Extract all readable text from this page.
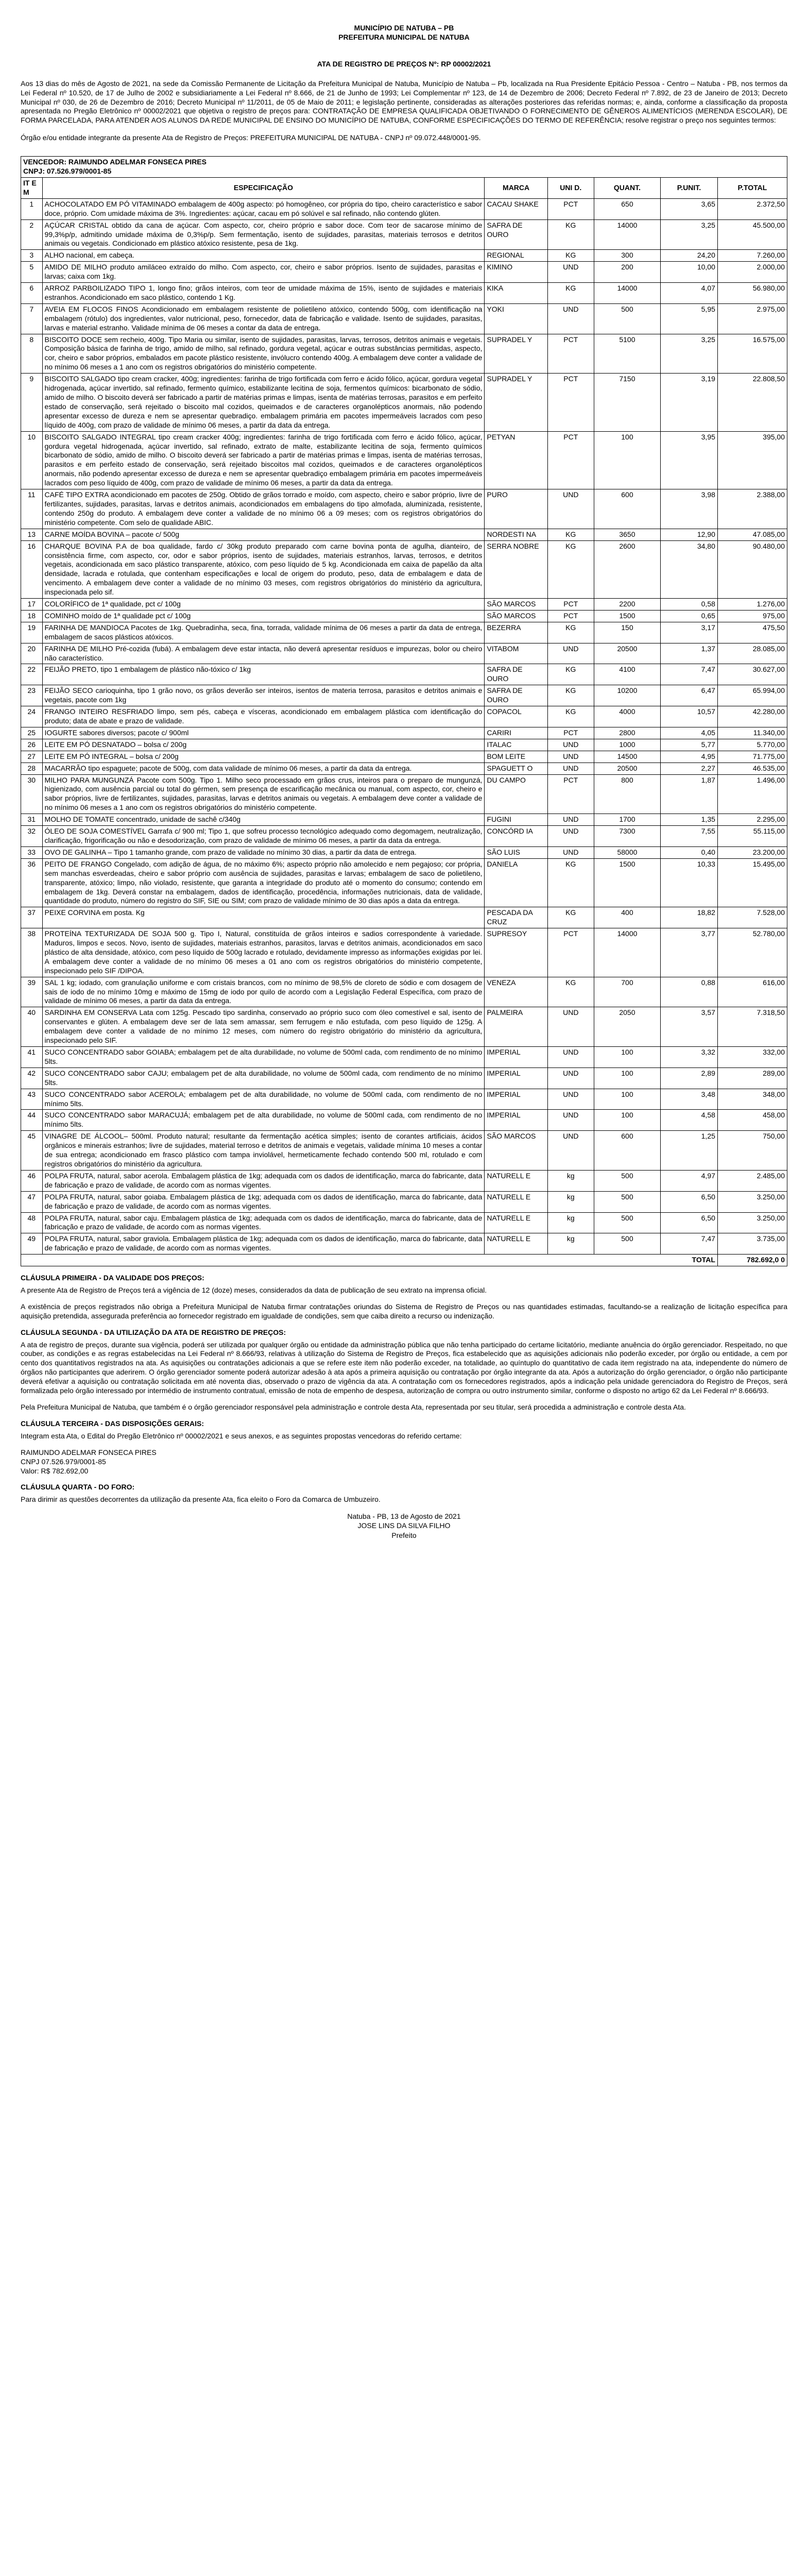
MUNICÍPIO DE NATUBA – PB
PREFEITURA MUNICIPAL DE NATUBA
ATA DE REGISTRO DE PREÇOS Nº: RP 00002/2021

Aos 13 dias do mês de Agosto de 2021, na sede da Comissão Permanente de Licitação da Prefeitura Municipal de Natuba, Município de Natuba – Pb, localizada na Rua Presidente Epitácio Pessoa - Centro – Natuba - PB, nos termos da Lei Federal nº 10.520, de 17 de Julho de 2002 e subsidiariamente a Lei Federal nº 8.666, de 21 de Junho de 1993; Lei Complementar nº 123, de 14 de Dezembro de 2006; Decreto Federal nº 7.892, de 23 de Janeiro de 2013; Decreto Municipal nº 030, de 26 de Dezembro de 2016; Decreto Municipal nº 11/2011, de 05 de Maio de 2011; e legislação pertinente, consideradas as alterações posteriores das referidas normas; e, ainda, conforme a classificação da proposta apresentada no Pregão Eletrônico nº 00002/2021 que objetiva o registro de preços para: CONTRATAÇÃO DE EMPRESA QUALIFICADA OBJETIVANDO O FORNECIMENTO DE GÊNEROS ALIMENTÍCIOS (MERENDA ESCOLAR), DE FORMA PARCELADA, PARA ATENDER AOS ALUNOS DA REDE MUNICIPAL DE ENSINO DO MUNICÍPIO DE NATUBA, CONFORME ESPECIFICAÇÕES DO TERMO DE REFERÊNCIA; resolve registrar o preço nos seguintes termos:

Órgão e/ou entidade integrante da presente Ata de Registro de Preços: PREFEITURA MUNICIPAL DE NATUBA - CNPJ nº 09.072.448/0001-95.

VENCEDOR: RAIMUNDO ADELMAR FONSECA PIRES
CNPJ: 07.526.979/0001-85						

IT E M	ESPECIFICAÇÃO	MARCA	UNI D.	QUANT.	P.UNIT.	P.TOTAL
1	ACHOCOLATADO EM PÓ VITAMINADO embalagem de 400g aspecto: pó homogêneo, cor própria do tipo, cheiro característico e sabor doce, próprio. Com umidade máxima de 3%. Ingredientes: açúcar, cacau em pó solúvel e sal refinado, não contendo glúten.	CACAU SHAKE	PCT	650	3,65	2.372,50
2	AÇÚCAR CRISTAL obtido da cana de açúcar. Com aspecto, cor, cheiro próprio e sabor doce. Com teor de sacarose mínimo de 99,3%p/p, admitindo umidade máxima de 0,3%p/p. Sem fermentação, isento de sujidades, parasitas, materiais terrosos e detritos animais ou vegetais. Condicionado em plástico atóxico resistente, pesa de 1kg.	SAFRA DE OURO	KG	14000	3,25	45.500,00
3	ALHO nacional, em cabeça.	REGIONAL	KG	300	24,20	7.260,00
5	AMIDO DE MILHO produto amiláceo extraído do milho. Com aspecto, cor, cheiro e sabor próprios. Isento de sujidades, parasitas e larvas; caixa com 1kg.	KIMINO	UND	200	10,00	2.000,00
6	ARROZ PARBOILIZADO TIPO 1, longo fino; grãos inteiros, com teor de umidade máxima de 15%, isento de sujidades e materiais estranhos. Acondicionado em saco plástico, contendo 1 Kg.	KIKA	KG	14000	4,07	56.980,00
7	AVEIA EM FLOCOS FINOS Acondicionado em embalagem resistente de polietileno atóxico, contendo 500g, com identificação na embalagem (rótulo) dos ingredientes, valor nutricional, peso, fornecedor, data de fabricação e validade. Isento de sujidades, parasitas, larvas e material estranho. Validade mínima de 06 meses a contar da data de entrega.	YOKI	UND	500	5,95	2.975,00
8	BISCOITO DOCE sem recheio, 400g. Tipo Maria ou similar, isento de sujidades, parasitas, larvas, terrosos, detritos animais e vegetais. Composição básica de farinha de trigo, amido de milho, sal refinado, gordura vegetal, açúcar e outras substâncias permitidas, aspecto, cor, cheiro e sabor próprios, embalados em pacote plástico resistente, invólucro contendo 400g. A embalagem deve conter a validade de no mínimo 06 meses a 1 ano com os registros obrigatórios do ministério competente.	SUPRADEL Y	PCT	5100	3,25	16.575,00
9	BISCOITO SALGADO tipo cream cracker, 400g; ingredientes: farinha de trigo fortificada com ferro e ácido fólico, açúcar, gordura vegetal hidrogenada, açúcar invertido, sal refinado, fermento químico, estabilizante lecitina de soja, fermentos químicos: bicarbonato de sódio, amido de milho. O biscoito deverá ser fabricado a partir de matérias primas e limpas, isenta de matérias terrosas, parasitos e em perfeito estado de conservação, será rejeitado o biscoito mal cozidos, queimados e de caracteres organolépticos anormais, não podendo apresentar excesso de dureza e nem se apresentar quebradiço. embalagem primária em pacotes impermeáveis lacrados com peso líquido de 400g, com prazo de validade de mínimo 06 meses, a partir da data da entrega.	SUPRADEL Y	PCT	7150	3,19	22.808,50
10	BISCOITO SALGADO INTEGRAL tipo cream cracker 400g; ingredientes: farinha de trigo fortificada com ferro e ácido fólico, açúcar, gordura vegetal hidrogenada, açúcar invertido, sal refinado, extrato de malte, estabilizante lecitina de soja, fermento químicos bicarbonato de sódio, amido de milho. O biscoito deverá ser fabricado a partir de matérias primas e limpas, isenta de matérias terrosas, parasitos e em perfeito estado de conservação, será rejeitado biscoitos mal cozidos, queimados e de caracteres organolépticos anormais, não podendo apresentar excesso de dureza e nem se apresentar quebradiço embalagem primária em pacotes impermeáveis lacrados com peso líquido de 400g, com prazo de validade de mínimo 06 meses, a partir da data da entrega.	PETYAN	PCT	100	3,95	395,00
11	CAFÉ TIPO EXTRA acondicionado em pacotes de 250g. Obtido de grãos torrado e moído, com aspecto, cheiro e sabor próprio, livre de fertilizantes, sujidades, parasitas, larvas e detritos animais, acondicionados em embalagens do tipo almofada, aluminizada, resistente, contendo 250g do produto. A embalagem deve conter a validade de no mínimo 06 a 09 meses; com os registros obrigatórios do ministério competente. Com selo de qualidade ABIC.	PURO	UND	600	3,98	2.388,00
13	CARNE MOÍDA BOVINA – pacote c/ 500g	NORDESTI NA	KG	3650	12,90	47.085,00
16	CHARQUE BOVINA P.A de boa qualidade, fardo c/ 30kg produto preparado com carne bovina ponta de agulha, dianteiro, de consistência firme, com aspecto, cor, odor e sabor próprios, isento de sujidades, materiais estranhos, larvas, terrosos, e detritos vegetais, acondicionada em saco plástico transparente, atóxico, com peso líquido de 5 kg. Acondicionada em caixa de papelão da alta densidade, lacrada e rotulada, que contenham especificações e local de origem do produto, peso, data de embalagem e data de vencimento. A embalagem deve conter a validade de no mínimo 03 meses, com registros obrigatórios do ministério da agricultura, inspecionada pelo sif.	SERRA NOBRE	KG	2600	34,80	90.480,00
17	COLORÍFICO de 1ª qualidade, pct c/ 100g	SÃO MARCOS	PCT	2200	0,58	1.276,00
18	COMINHO moído de 1ª qualidade pct c/ 100g	SÃO MARCOS	PCT	1500	0,65	975,00
19	FARINHA DE MANDIOCA Pacotes de 1kg. Quebradinha, seca, fina, torrada, validade mínima de 06 meses a partir da data de entrega, embalagem de sacos plásticos atóxicos.	BEZERRA	KG	150	3,17	475,50
20	FARINHA DE MILHO Pré-cozida (fubá). A embalagem deve estar intacta, não deverá apresentar resíduos e impurezas, bolor ou cheiro não característico.	VITABOM	UND	20500	1,37	28.085,00
22	FEIJÃO PRETO, tipo 1 embalagem de plástico não-tóxico c/ 1kg	SAFRA DE OURO	KG	4100	7,47	30.627,00
23	FEIJÃO SECO carioquinha, tipo 1 grão novo, os grãos deverão ser inteiros, isentos de materia terrosa, parasitos e detritos animais e vegetais, pacote com 1kg	SAFRA DE OURO	KG	10200	6,47	65.994,00
24	FRANGO INTEIRO RESFRIADO limpo, sem pés, cabeça e vísceras, acondicionado em embalagem plástica com identificação do produto; data de abate e prazo de validade.	COPACOL	KG	4000	10,57	42.280,00
25	IOGURTE sabores diversos; pacote c/ 900ml	CARIRI	PCT	2800	4,05	11.340,00
26	LEITE EM PÓ DESNATADO – bolsa c/ 200g	ITALAC	UND	1000	5,77	5.770,00
27	LEITE EM PÓ INTEGRAL – bolsa c/ 200g	BOM LEITE	UND	14500	4,95	71.775,00
28	MACARRÃO tipo espaguete; pacote de 500g, com data validade de mínimo 06 meses, a partir da data da entrega.	SPAGUETT O	UND	20500	2,27	46.535,00
30	MILHO PARA MUNGUNZÁ Pacote com 500g. Tipo 1. Milho seco processado em grãos crus, inteiros para o preparo de mungunzá, higienizado, com ausência parcial ou total do gérmen, sem presença de escarificação mecânica ou manual, com aspecto, cor, cheiro e sabor próprios, livre de fertilizantes, sujidades, parasitas, larvas e detritos animais ou vegetais. A embalagem deve conter a validade de no mínimo 06 meses a 1 ano com os registros obrigatórios do ministério competente.	DU CAMPO	PCT	800	1,87	1.496,00
31	MOLHO DE TOMATE concentrado, unidade de sachê c/340g	FUGINI	UND	1700	1,35	2.295,00
32	ÓLEO DE SOJA COMESTÍVEL Garrafa c/ 900 ml; Tipo 1, que sofreu processo tecnológico adequado como degomagem, neutralização, clarificação, frigorificação ou não e desodorização, com prazo de validade de mínimo 06 meses, a partir da data da entrega.	CONCÓRD IA	UND	7300	7,55	55.115,00
33	OVO DE GALINHA – Tipo 1 tamanho grande, com prazo de validade no mínimo 30 dias, a partir da data de entrega.	SÃO LUIS	UND	58000	0,40	23.200,00
36	PEITO DE FRANGO Congelado, com adição de água, de no máximo 6%; aspecto próprio não amolecido e nem pegajoso; cor própria, sem manchas esverdeadas, cheiro e sabor próprio com ausência de sujidades, parasitas e larvas; embalagem de saco de polietileno, transparente, atóxico; limpo, não violado, resistente, que garanta a integridade do produto até o momento do consumo; contendo em embalagem de 1kg. Deverá constar na embalagem, dados de identificação, procedência, informações nutricionais, data de validade, quantidade do produto, número do registro do SIF, SIE ou SIM; com prazo de validade mínimo de 30 dias após a data da entrega.	DANIELA	KG	1500	10,33	15.495,00
37	PEIXE CORVINA em posta. Kg	PESCADA DA CRUZ	KG	400	18,82	7.528,00
38	PROTEÍNA TEXTURIZADA DE SOJA 500 g. Tipo I, Natural, constituída de grãos inteiros e sadios correspondente à variedade. Maduros, limpos e secos. Novo, isento de sujidades, materiais estranhos, parasitos, larvas e detritos animais, acondicionados em saco plástico de alta densidade, atóxico, com peso líquido de 500g lacrado e rotulado, devidamente impresso as informações exigidas por lei. A embalagem deve conter a validade de no mínimo 06 meses a 01 ano com os registros obrigatórios do ministério competente, inspecionado pelo SIF /DIPOA.	SUPRESOY	PCT	14000	3,77	52.780,00
39	SAL 1 kg; iodado, com granulação uniforme e com cristais brancos, com no mínimo de 98,5% de cloreto de sódio e com dosagem de sais de iodo de no mínimo 10mg e máximo de 15mg de iodo por quilo de acordo com a Legislação Federal Específica, com prazo de validade de mínimo 06 meses, a partir da data da entrega.	VENEZA	KG	700	0,88	616,00
40	SARDINHA EM CONSERVA Lata com 125g. Pescado tipo sardinha, conservado ao próprio suco com óleo comestível e sal, isento de conservantes e glúten. A embalagem deve ser de lata sem amassar, sem ferrugem e não estufada, com peso líquido de 125g. A embalagem deve conter a validade de no mínimo 12 meses, com número do registro obrigatório do ministério da agricultura, inspecionado pelo SIF.	PALMEIRA	UND	2050	3,57	7.318,50
41	SUCO CONCENTRADO sabor GOIABA; embalagem pet de alta durabilidade, no volume de 500ml cada, com rendimento de no mínimo 5lts.	IMPERIAL	UND	100	3,32	332,00
42	SUCO CONCENTRADO sabor CAJU; embalagem pet de alta durabilidade, no volume de 500ml cada, com rendimento de no mínimo 5lts.	IMPERIAL	UND	100	2,89	289,00
43	SUCO CONCENTRADO sabor ACEROLA; embalagem pet de alta durabilidade, no volume de 500ml cada, com rendimento de no mínimo 5lts.	IMPERIAL	UND	100	3,48	348,00
44	SUCO CONCENTRADO sabor MARACUJÁ; embalagem pet de alta durabilidade, no volume de 500ml cada, com rendimento de no mínimo 5lts.	IMPERIAL	UND	100	4,58	458,00
45	VINAGRE DE ÁLCOOL– 500ml. Produto natural; resultante da fermentação acética simples; isento de corantes artificiais, ácidos orgânicos e minerais estranhos; livre de sujidades, material terroso e detritos de animais e vegetais, validade mínima 10 meses a contar de sua entrega; acondicionado em frasco plástico com tampa inviolável, hermeticamente fechado contendo 500 ml, rotulado e com registros obrigatórios do ministério da agricultura.	SÃO MARCOS	UND	600	1,25	750,00
46	POLPA FRUTA, natural, sabor acerola. Embalagem plástica de 1kg; adequada com os dados de identificação, marca do fabricante, data de fabricação e prazo de validade, de acordo com as normas vigentes.	NATURELL E	kg	500	4,97	2.485,00
47	POLPA FRUTA, natural, sabor goiaba. Embalagem plástica de 1kg; adequada com os dados de identificação, marca do fabricante, data de fabricação e prazo de validade, de acordo com as normas vigentes.	NATURELL E	kg	500	6,50	3.250,00
48	POLPA FRUTA, natural, sabor caju. Embalagem plástica de 1kg; adequada com os dados de identificação, marca do fabricante, data de fabricação e prazo de validade, de acordo com as normas vigentes.	NATURELL E	kg	500	6,50	3.250,00
49	POLPA FRUTA, natural, sabor graviola. Embalagem plástica de 1kg; adequada com os dados de identificação, marca do fabricante, data de fabricação e prazo de validade, de acordo com as normas vigentes.	NATURELL E	kg	500	7,47	3.735,00
					TOTAL	782.692,0 0
CLÁUSULA PRIMEIRA - DA VALIDADE DOS PREÇOS:

A presente Ata de Registro de Preços terá a vigência de 12 (doze) meses, considerados da data de publicação de seu extrato na imprensa oficial.

A existência de preços registrados não obriga a Prefeitura Municipal de Natuba firmar contratações oriundas do Sistema de Registro de Preços ou nas quantidades estimadas, facultando-se a realização de licitação específica para aquisição pretendida, assegurada preferência ao fornecedor registrado em igualdade de condições, sem que caiba direito a recurso ou indenização.

CLÁUSULA SEGUNDA - DA UTILIZAÇÃO DA ATA DE REGISTRO DE PREÇOS:

A ata de registro de preços, durante sua vigência, poderá ser utilizada por qualquer órgão ou entidade da administração pública que não tenha participado do certame licitatório, mediante anuência do órgão gerenciador. Respeitado, no que couber, as condições e as regras estabelecidas na Lei Federal nº 8.666/93, relativas à utilização do Sistema de Registro de Preços, fica estabelecido que as aquisições adicionais não poderão exceder, por órgão ou entidade, a cem por cento dos quantitativos registrados na ata. As aquisições ou contratações adicionais a que se refere este item não poderão exceder, na totalidade, ao quíntuplo do quantitativo de cada item registrado na ata, independente do número de órgãos não participantes que aderirem. O órgão gerenciador somente poderá autorizar adesão à ata após a primeira aquisição ou contratação por órgão integrante da ata. Após a autorização do órgão gerenciador, o órgão não participante deverá efetivar a aquisição ou contratação solicitada em até noventa dias, observado o prazo de vigência da ata. A contratação com os fornecedores registrados, após a indicação pela unidade gerenciadora do Registro de Preços, será formalizada pelo órgão interessado por intermédio de instrumento contratual, emissão de nota de empenho de despesa, autorização de compra ou outro instrumento similar, conforme o disposto no artigo 62 da Lei Federal nº 8.666/93.

Pela Prefeitura Municipal de Natuba, que também é o órgão gerenciador responsável pela administração e controle desta Ata, representada por seu titular, será procedida a administração e controle desta Ata.

CLÁUSULA TERCEIRA - DAS DISPOSIÇÕES GERAIS:

Integram esta Ata, o Edital do Pregão Eletrônico nº 00002/2021 e seus anexos, e as seguintes propostas vencedoras do referido certame:

RAIMUNDO ADELMAR FONSECA PIRES
CNPJ 07.526.979/0001-85
Valor: R$ 782.692,00
CLÁUSULA QUARTA - DO FORO:

Para dirimir as questões decorrentes da utilização da presente Ata, fica eleito o Foro da Comarca de Umbuzeiro.

Natuba - PB, 13 de Agosto de 2021
JOSE LINS DA SILVA FILHO
Prefeito
